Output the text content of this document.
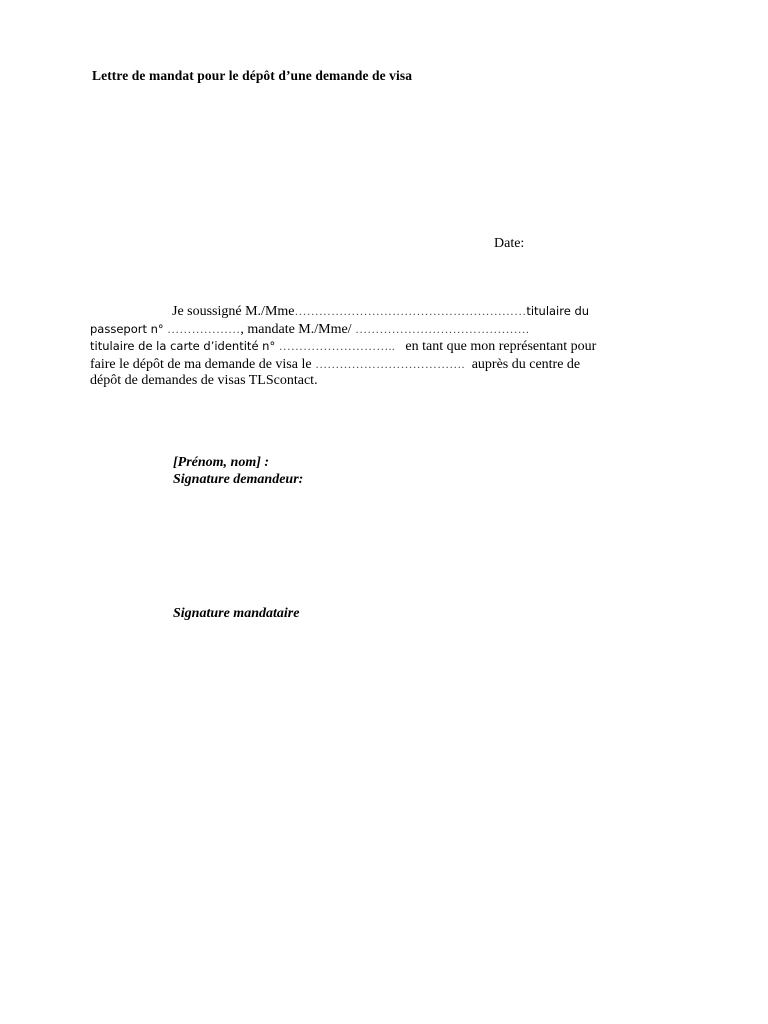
Lettre de mandat pour le dépôt d’une demande de visa
Date:
Je soussigné M./Mme…………………………………………………titulaire du
passeport n° ………………, mandate M./Mme/ …………………………………….
titulaire de la carte d’identité n° ……………………….. en tant que mon représentant pour
faire le dépôt de ma demande de visa le ………………………………. auprès du centre de
dépôt de demandes de visas TLScontact.
[Prénom, nom] :
Signature demandeur:
Signature mandataire
